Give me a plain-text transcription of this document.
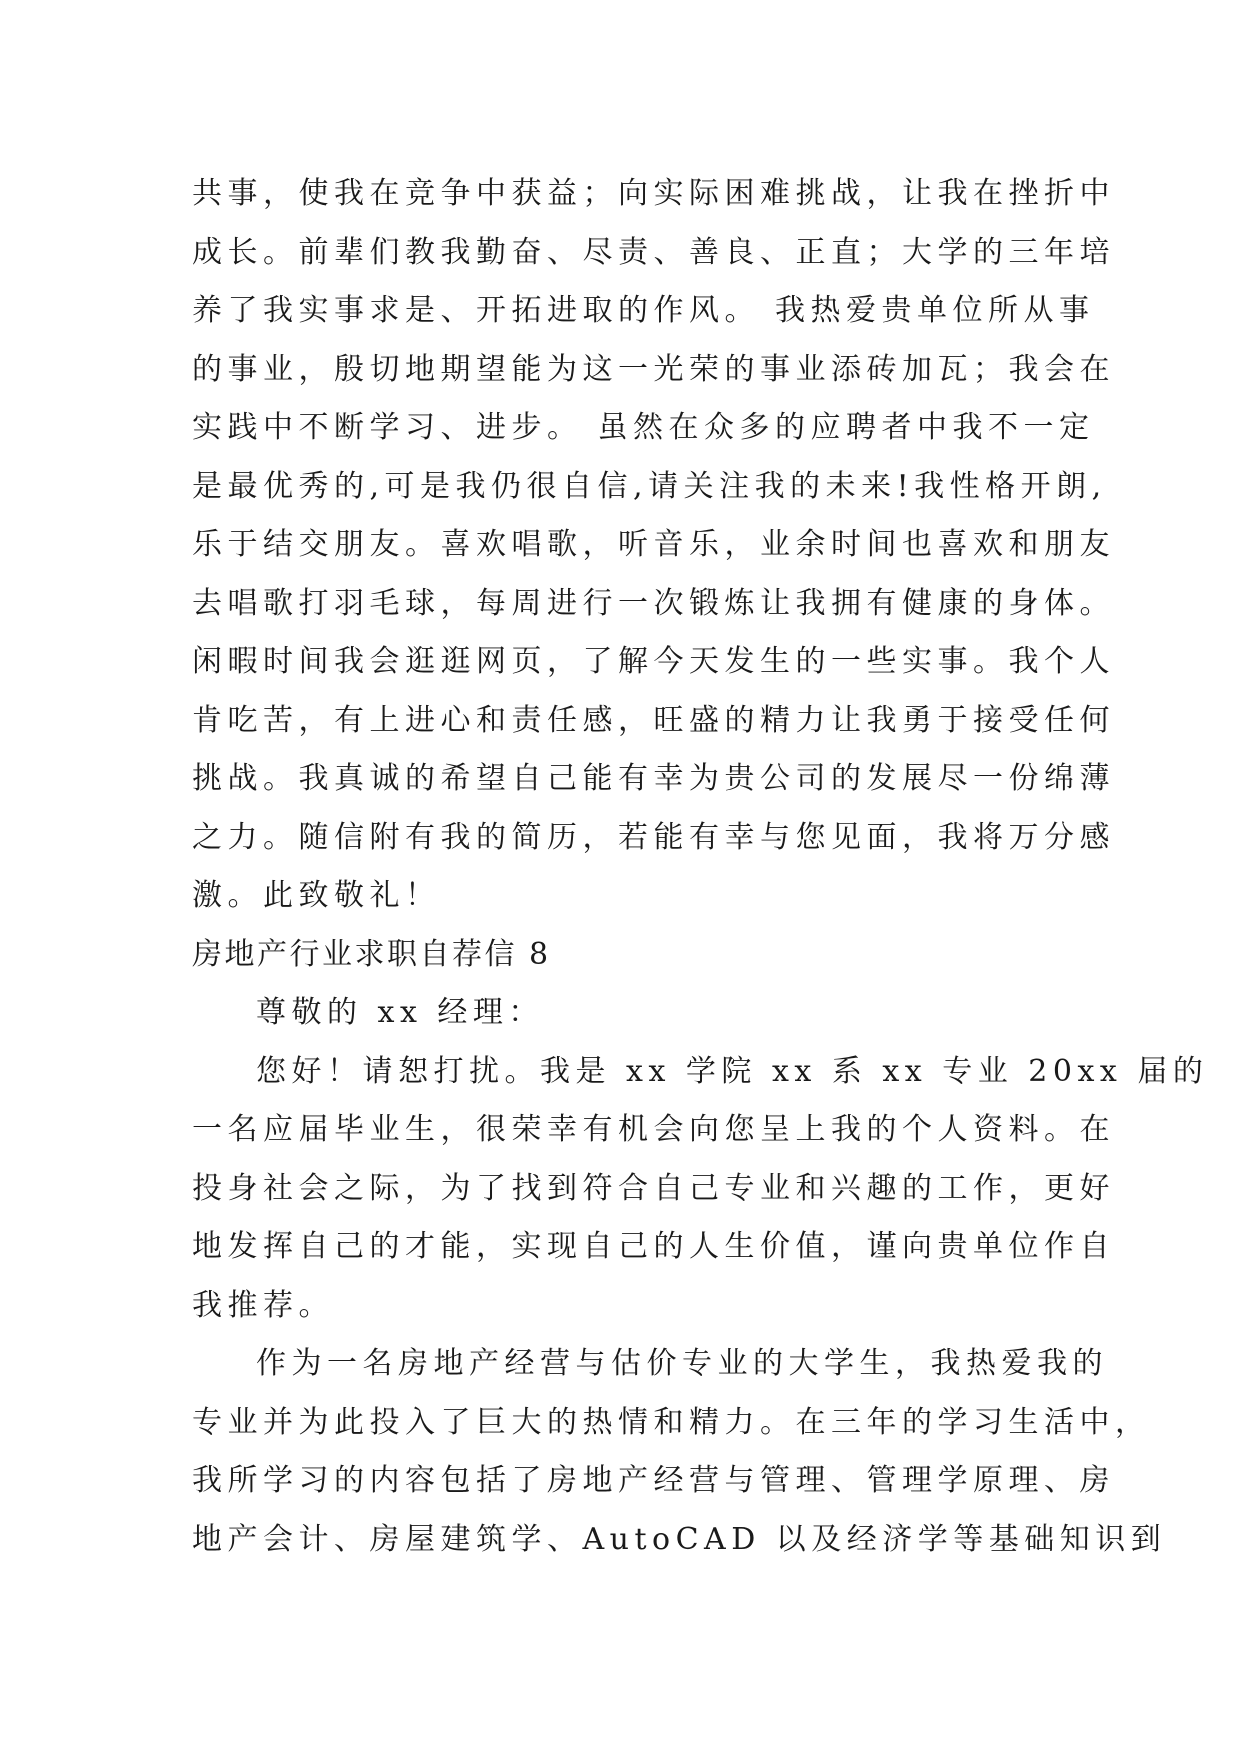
共事，使我在竞争中获益；向实际困难挑战，让我在挫折中
成长。前辈们教我勤奋、尽责、善良、正直；大学的三年培
养了我实事求是、开拓进取的作风。 我热爱贵单位所从事
的事业，殷切地期望能为这一光荣的事业添砖加瓦；我会在
实践中不断学习、进步。 虽然在众多的应聘者中我不一定
是最优秀的,可是我仍很自信,请关注我的未来!我性格开朗,
乐于结交朋友。喜欢唱歌，听音乐，业余时间也喜欢和朋友
去唱歌打羽毛球，每周进行一次锻炼让我拥有健康的身体。
闲暇时间我会逛逛网页，了解今天发生的一些实事。我个人
肯吃苦，有上进心和责任感，旺盛的精力让我勇于接受任何
挑战。我真诚的希望自己能有幸为贵公司的发展尽一份绵薄
之力。随信附有我的简历，若能有幸与您见面，我将万分感
激。此致敬礼！
房地产行业求职自荐信 8
尊敬的 xx 经理：
您好！请恕打扰。我是 xx 学院 xx 系 xx 专业 20xx 届的
一名应届毕业生，很荣幸有机会向您呈上我的个人资料。在
投身社会之际，为了找到符合自己专业和兴趣的工作，更好
地发挥自己的才能，实现自己的人生价值，谨向贵单位作自
我推荐。
作为一名房地产经营与估价专业的大学生，我热爱我的
专业并为此投入了巨大的热情和精力。在三年的学习生活中，
我所学习的内容包括了房地产经营与管理、管理学原理、房
地产会计、房屋建筑学、AutoCAD 以及经济学等基础知识到
